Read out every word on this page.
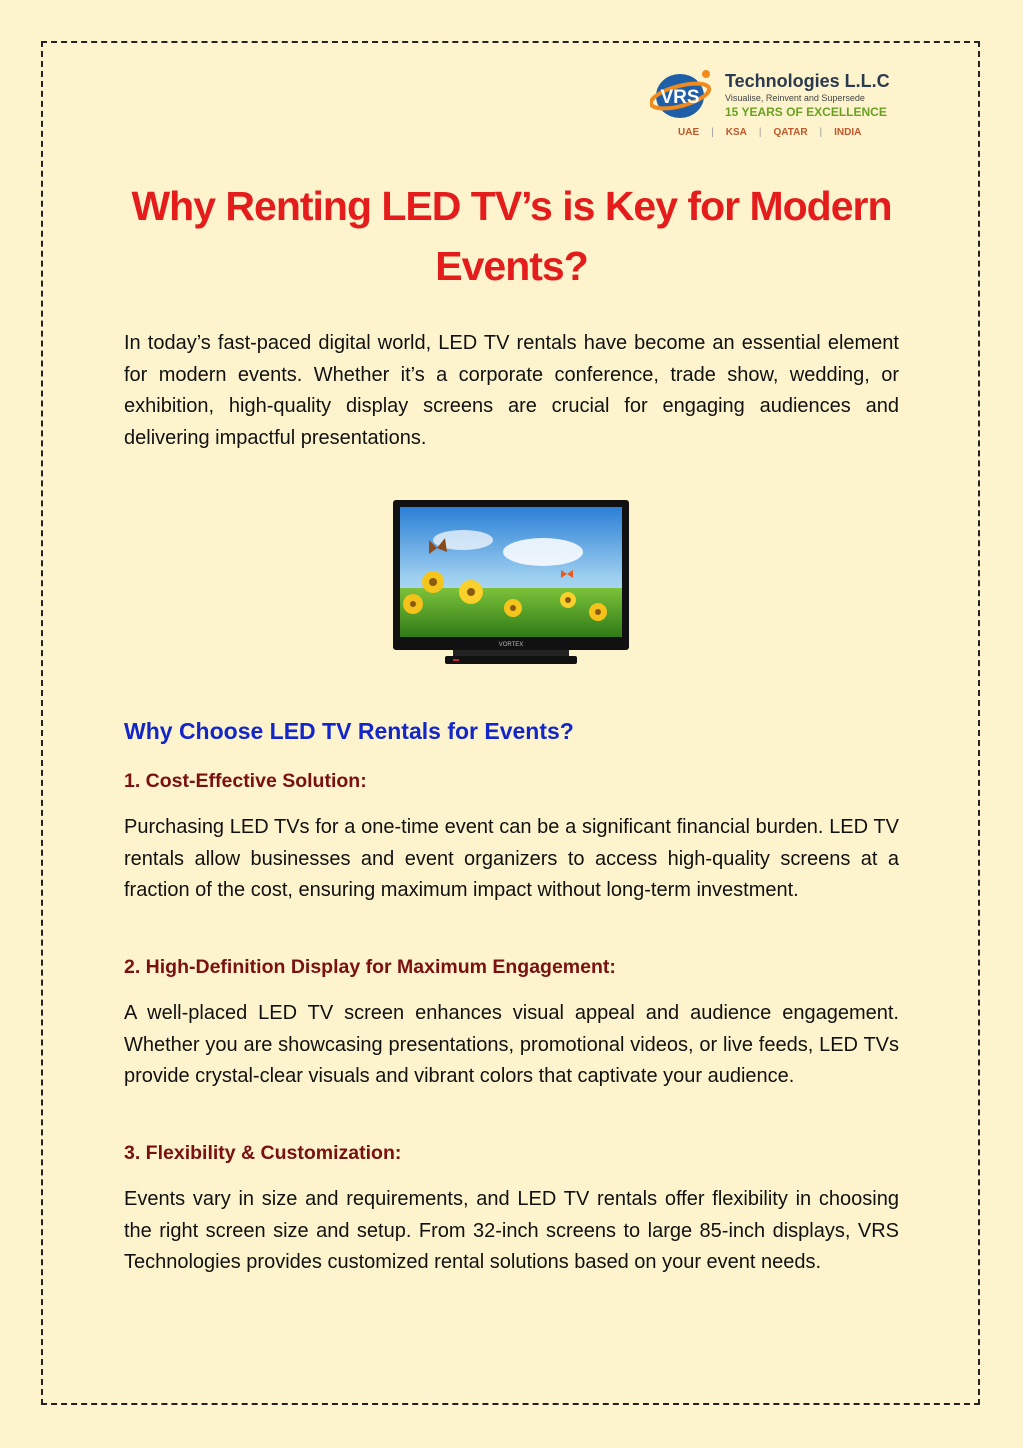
VRS
Technologies L.L.C
Visualise, Reinvent and Supersede
15 YEARS OF EXCELLENCE
UAE | KSA | QATAR | INDIA
Why Renting LED TV’s is Key for Modern Events?

In today’s fast-paced digital world, LED TV rentals have become an essential element for modern events. Whether it’s a corporate conference, trade show, wedding, or exhibition, high-quality display screens are crucial for engaging audiences and delivering impactful presentations.

VORTEX
Why Choose LED TV Rentals for Events?
1. Cost-Effective Solution:

Purchasing LED TVs for a one-time event can be a significant financial burden. LED TV rentals allow businesses and event organizers to access high-quality screens at a fraction of the cost, ensuring maximum impact without long-term investment.

2. High-Definition Display for Maximum Engagement:

A well-placed LED TV screen enhances visual appeal and audience engagement. Whether you are showcasing presentations, promotional videos, or live feeds, LED TVs provide crystal-clear visuals and vibrant colors that captivate your audience.

3. Flexibility & Customization:

Events vary in size and requirements, and LED TV rentals offer flexibility in choosing the right screen size and setup. From 32-inch screens to large 85-inch displays, VRS Technologies provides customized rental solutions based on your event needs.
